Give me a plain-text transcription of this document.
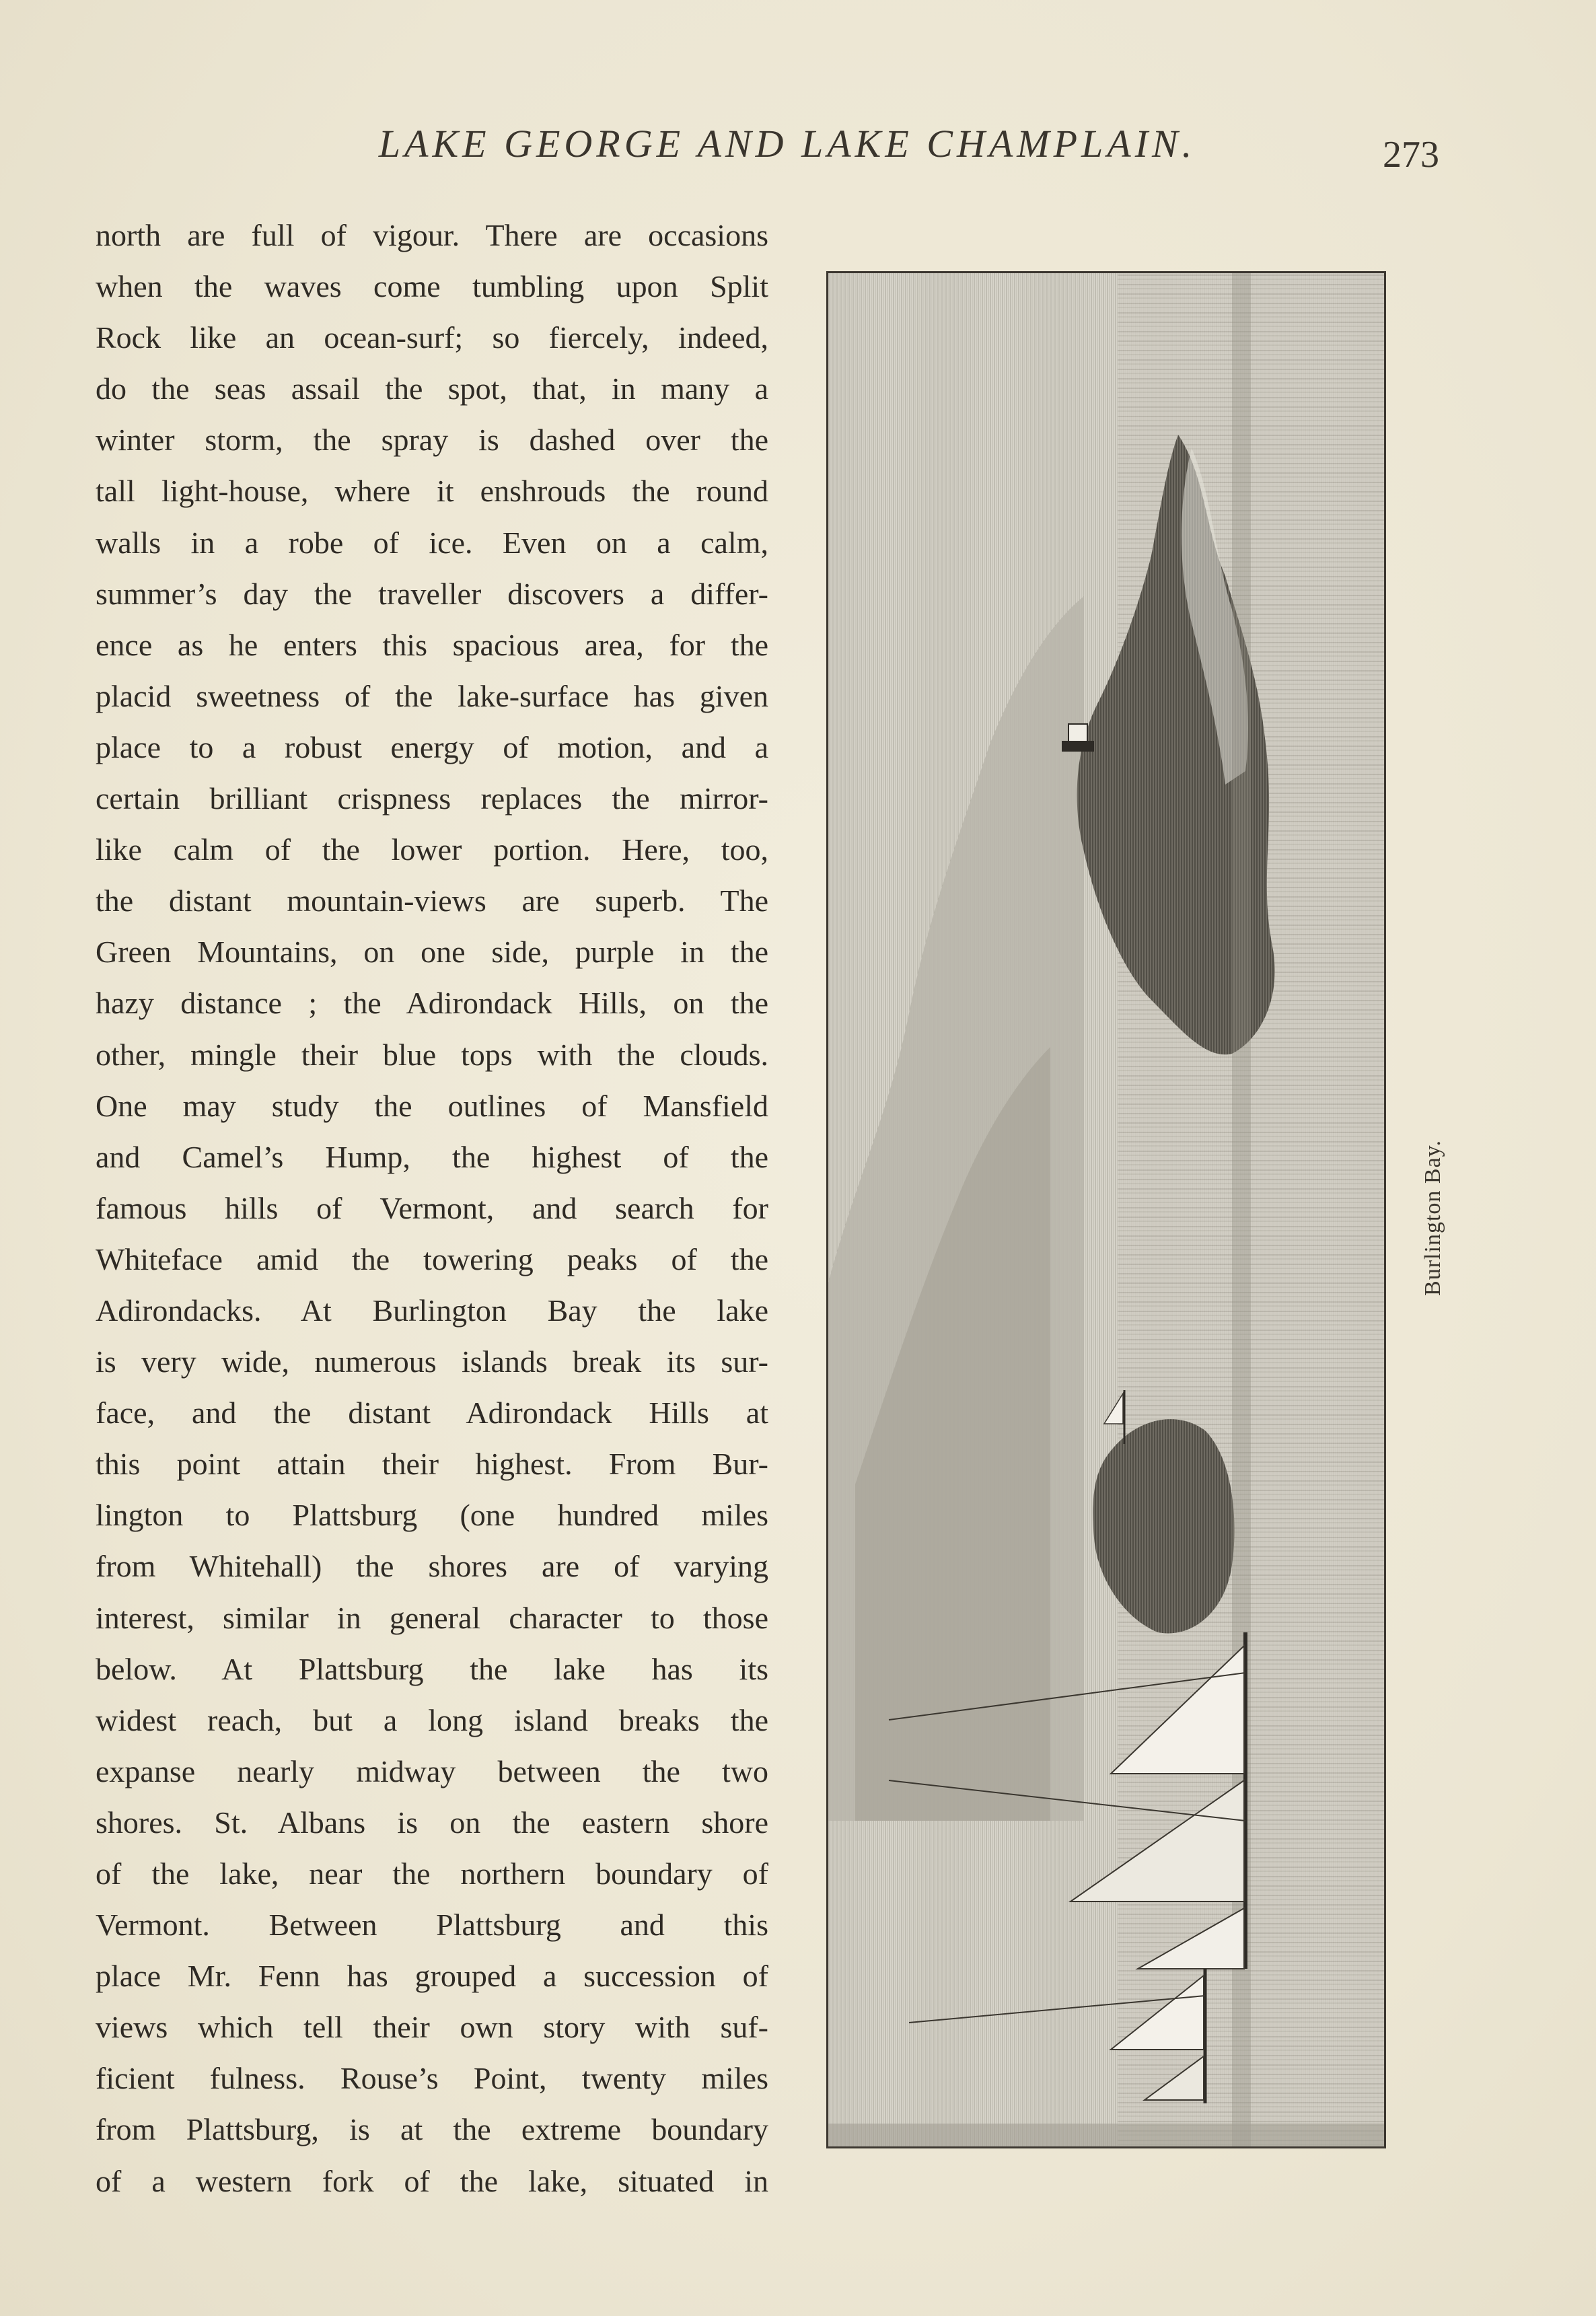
LAKE GEORGE AND LAKE CHAMPLAIN.	273
north are full of vigour. There are occasions
when the waves come tumbling upon Split
Rock like an ocean-surf; so fiercely, indeed,
do the seas assail the spot, that, in many a
winter storm, the spray is dashed over the
tall light-house, where it enshrouds the round
walls in a robe of ice. Even on a calm,
summer’s day the traveller discovers a differ-
ence as he enters this spacious area, for the
placid sweetness of the lake-surface has given
place to a robust energy of motion, and a
certain brilliant crispness replaces the mirror-
like calm of the lower portion. Here, too,
the distant mountain-views are superb. The
Green Mountains, on one side, purple in the
hazy distance ; the Adirondack Hills, on the
other, mingle their blue tops with the clouds.
One may study the outlines of Mansfield
and Camel’s Hump, the highest of the
famous hills of Vermont, and search for
Whiteface amid the towering peaks of the
Adirondacks. At Burlington Bay the lake
is very wide, numerous islands break its sur-
face, and the distant Adirondack Hills at
this point attain their highest. From Bur-
lington to Plattsburg (one hundred miles
from Whitehall) the shores are of varying
interest, similar in general character to those
below. At Plattsburg the lake has its
widest reach, but a long island breaks the
expanse nearly midway between the two
shores. St. Albans is on the eastern shore
of the lake, near the northern boundary of
Vermont. Between Plattsburg and this
place Mr. Fenn has grouped a succession of
views which tell their own story with suf-
ficient fulness. Rouse’s Point, twenty miles
from Plattsburg, is at the extreme boundary
of a western fork of the lake, situated in
Burlington Bay.
